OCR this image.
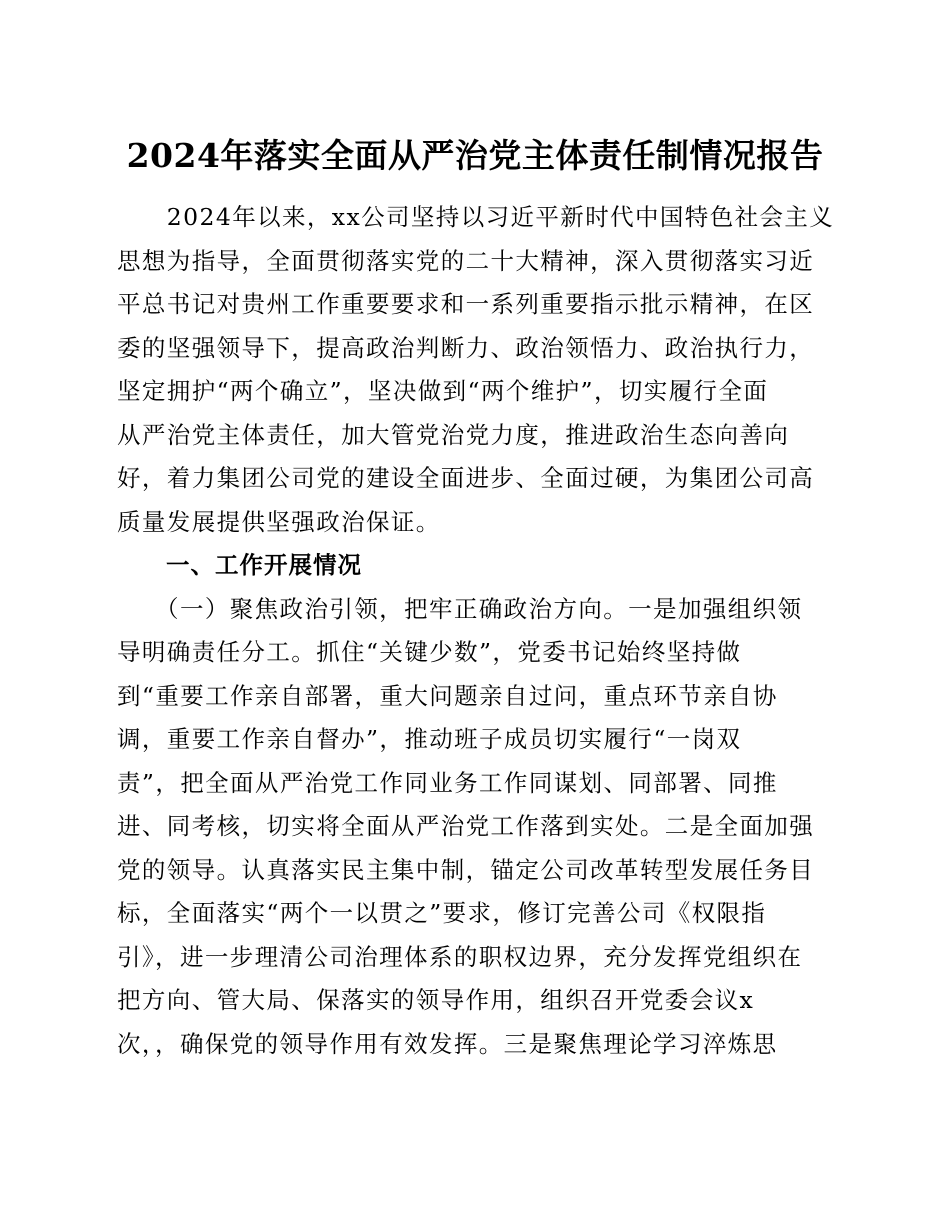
2024年落实全面从严治党主体责任制情况报告
　　2024年以来，xx公司坚持以习近平新时代中国特色社会主义
思想为指导，全面贯彻落实党的二十大精神，深入贯彻落实习近
平总书记对贵州工作重要要求和一系列重要指示批示精神，在区
委的坚强领导下，提高政治判断力、政治领悟力、政治执行力，
坚定拥护“两个确立”，坚决做到“两个维护”，切实履行全面
从严治党主体责任，加大管党治党力度，推进政治生态向善向
好，着力集团公司党的建设全面进步、全面过硬，为集团公司高
质量发展提供坚强政治保证。
　　一、工作开展情况
　　（一）聚焦政治引领，把牢正确政治方向。一是加强组织领
导明确责任分工。抓住“关键少数”，党委书记始终坚持做
到“重要工作亲自部署，重大问题亲自过问，重点环节亲自协
调，重要工作亲自督办”，推动班子成员切实履行“一岗双
责”，把全面从严治党工作同业务工作同谋划、同部署、同推
进、同考核，切实将全面从严治党工作落到实处。二是全面加强
党的领导。认真落实民主集中制，锚定公司改革转型发展任务目
标，全面落实“两个一以贯之”要求，修订完善公司《权限指
引》，进一步理清公司治理体系的职权边界，充分发挥党组织在
把方向、管大局、保落实的领导作用，组织召开党委会议x
次，，确保党的领导作用有效发挥。三是聚焦理论学习淬炼思
